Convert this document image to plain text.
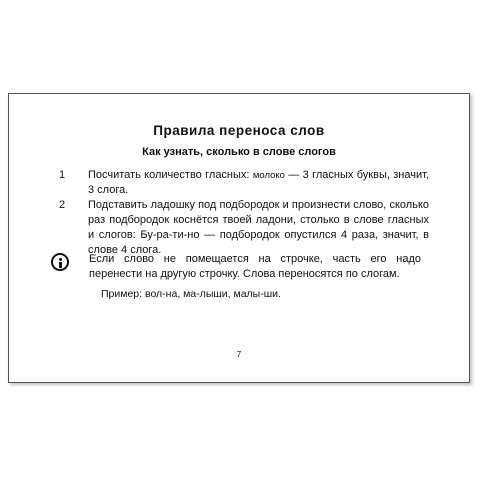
Правила переноса слов
Как узнать, сколько в слове слогов
1	Посчитать количество гласных: молоко — 3 гласных буквы, значит, 3 слога.
2	Подставить ладошку под подбородок и произнести слово, сколько раз подбородок коснётся твоей ладони, столько в слове гласных и слогов: Бу-ра-ти-но — подбородок опустился 4 раза, значит, в слове 4 слога.
Если слово не помещается на строчке, часть его надо перенести на другую строчку. Слова переносятся по слогам.
Пример: вол-на, ма-лыши, малы-ши.
7
